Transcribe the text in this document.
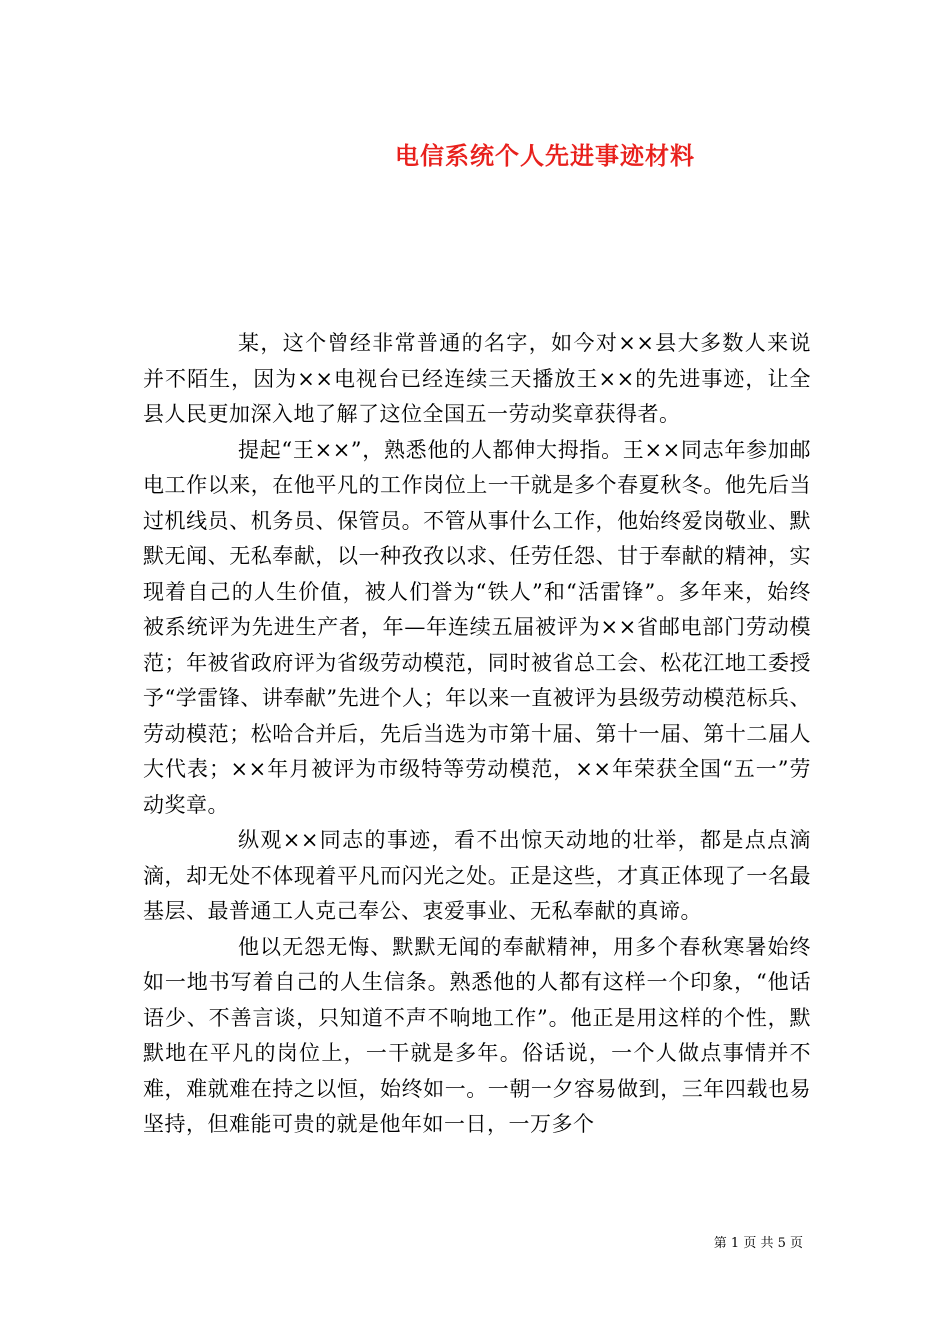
电信系统个人先进事迹材料

某，这个曾经非常普通的名字，如今对××县大多数人来说并不陌生，因为××电视台已经连续三天播放王××的先进事迹，让全县人民更加深入地了解了这位全国五一劳动奖章获得者。

提起“王××”，熟悉他的人都伸大拇指。王××同志年参加邮电工作以来，在他平凡的工作岗位上一干就是多个春夏秋冬。他先后当过机线员、机务员、保管员。不管从事什么工作，他始终爱岗敬业、默默无闻、无私奉献，以一种孜孜以求、任劳任怨、甘于奉献的精神，实现着自己的人生价值，被人们誉为“铁人”和“活雷锋”。多年来，始终被系统评为先进生产者，年—年连续五届被评为××省邮电部门劳动模范；年被省政府评为省级劳动模范，同时被省总工会、松花江地工委授予“学雷锋、讲奉献”先进个人；年以来一直被评为县级劳动模范标兵、劳动模范；松哈合并后，先后当选为市第十届、第十一届、第十二届人大代表；××年月被评为市级特等劳动模范，××年荣获全国“五一”劳动奖章。

纵观××同志的事迹，看不出惊天动地的壮举，都是点点滴滴，却无处不体现着平凡而闪光之处。正是这些，才真正体现了一名最基层、最普通工人克己奉公、衷爱事业、无私奉献的真谛。

他以无怨无悔、默默无闻的奉献精神，用多个春秋寒暑始终如一地书写着自己的人生信条。熟悉他的人都有这样一个印象，“他话语少、不善言谈，只知道不声不响地工作”。他正是用这样的个性，默默地在平凡的岗位上，一干就是多年。俗话说，一个人做点事情并不难，难就难在持之以恒，始终如一。一朝一夕容易做到，三年四载也易坚持，但难能可贵的就是他年如一日，一万多个

第 1 页 共 5 页
